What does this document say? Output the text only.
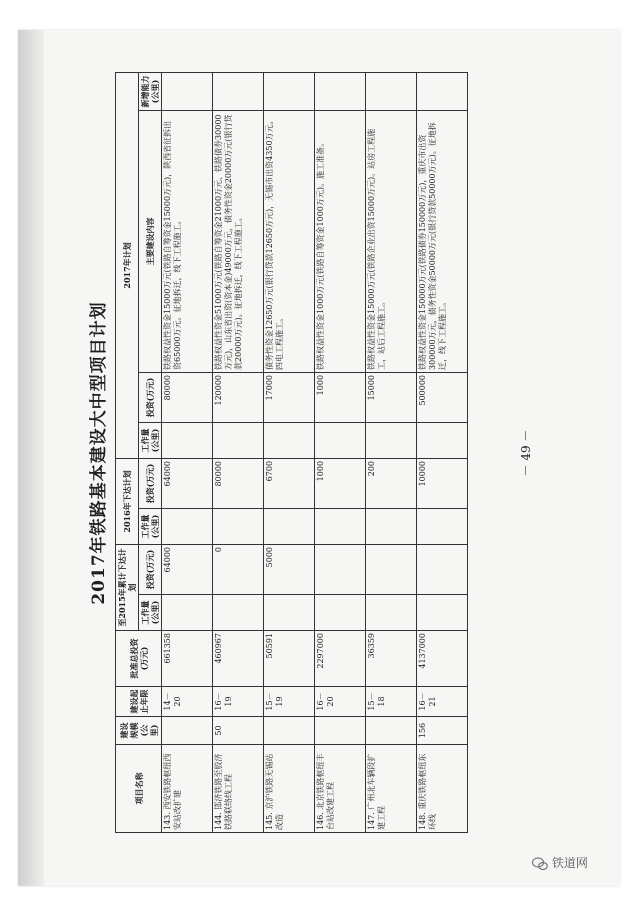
2017年铁路基本建设大中型项目计划
项目名称	建设规模(公里)	建设起止年限	批准总投资(万元)	至2015年累计下达计划		2016年下达计划		2017年计划			
				工作量(公里)	投资(万元)	工作量(公里)	投资(万元)	工作量(公里)	投资(万元)	主要建设内容	新增能力(公里)

143. 西安铁路枢纽西安站改扩建		14－20	661358		64000		64000		80000	铁路权益性资金15000万元(铁路自筹资金15000万元)，陕西省征拆出资65000万元。征地拆迁，线下工程施工。	
144. 邯济铁路至胶济铁路联络线工程	50	16－19	460967		0		80000		120000	铁路权益性资金51000万元(铁路自筹资金21000万元、铁路债券30000万元)，山东省出资(资本金)49000万元，债务性资金20000万元(银行贷款20000万元)。征地拆迁，线下工程施工。	
145. 京沪铁路无锡站改造		15－19	50591		5000		6700		17000	债务性资金12650万元(银行贷款12650万元)，无锡市出资4350万元。四电工程施工。	
146. 北京铁路枢纽丰台站改建工程		16－20	2297000				1000		1000	铁路权益性资金1000万元(铁路自筹资金1000万元)。施工准备。	
147. 广州北车辆段扩建工程		15－18	36359				200		15000	铁路权益性资金15000万元(铁路企业出资15000万元)。站房工程施工，站后工程施工。	
148. 重庆铁路枢纽东环线	156	16－21	4137000				10000		500000	铁路权益性资金150000万元(铁路债券150000万元)，重庆市出资300000万元，债务性资金50000万元(银行贷款50000万元)。征地拆迁，线下工程施工。	
－ 49 －
铁道网
